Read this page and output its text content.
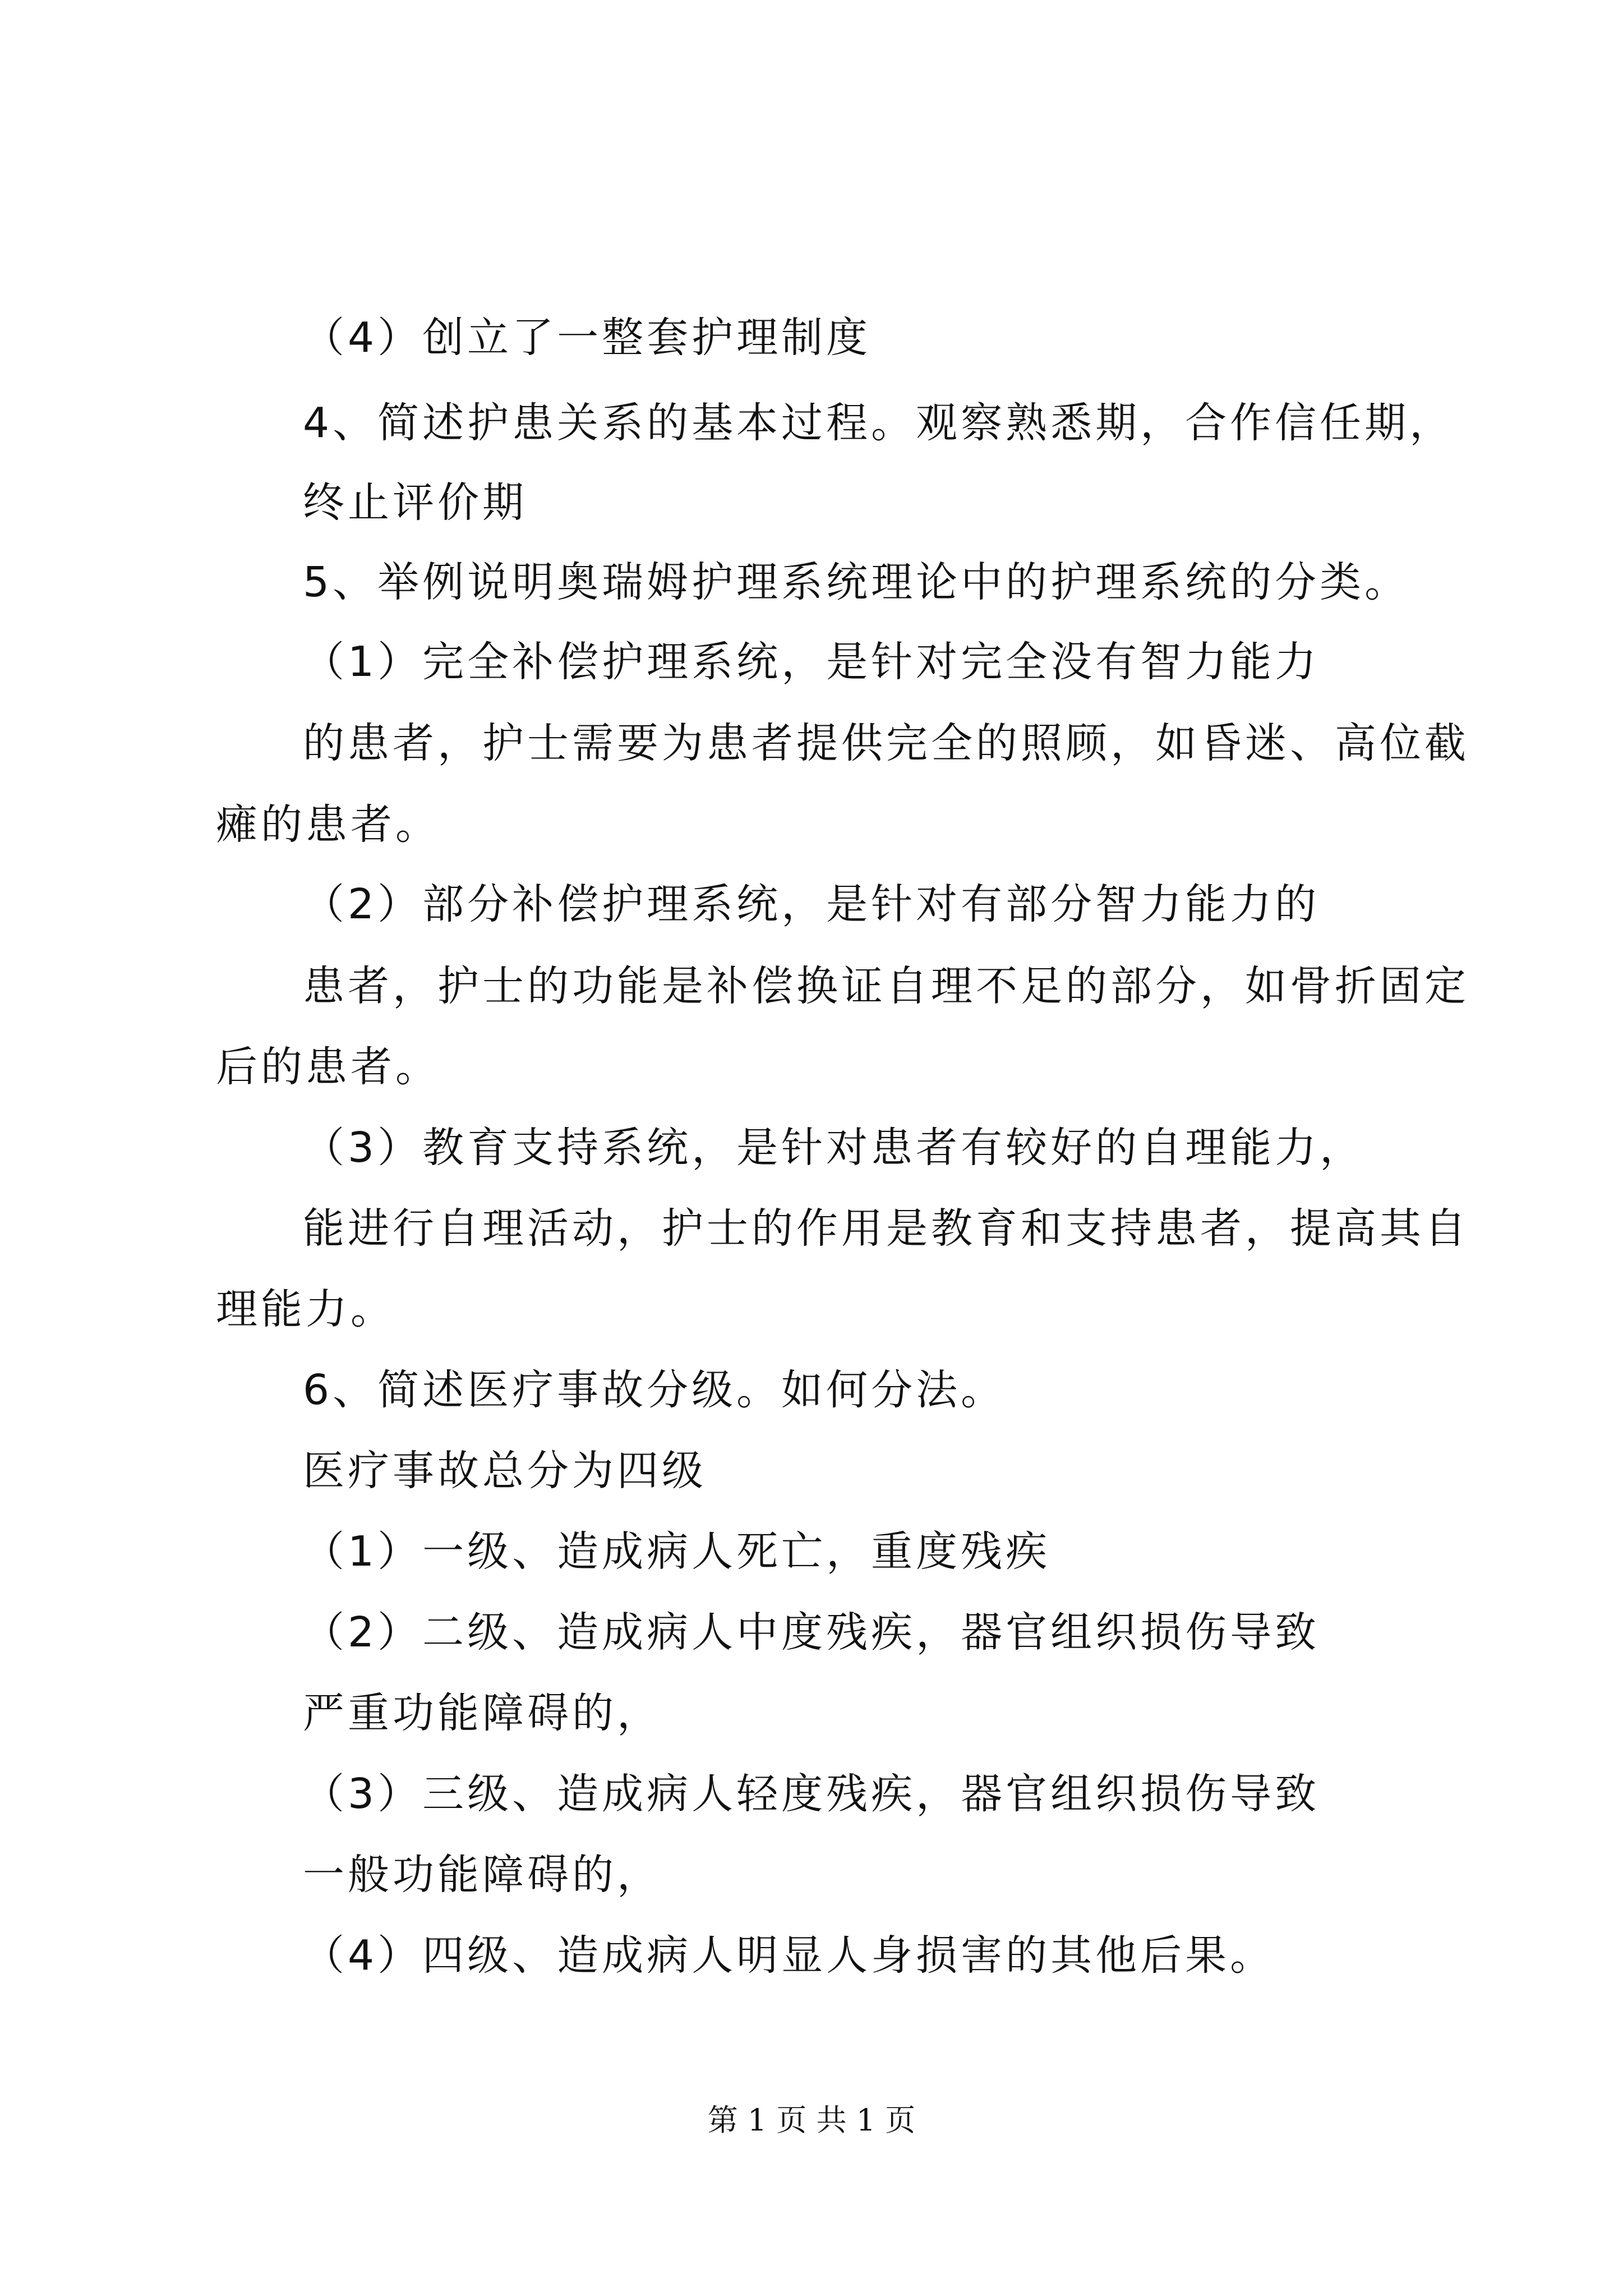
（4）创立了一整套护理制度
4、简述护患关系的基本过程。观察熟悉期，合作信任期，
终止评价期
5、举例说明奥瑞姆护理系统理论中的护理系统的分类。
（1）完全补偿护理系统，是针对完全没有智力能力
的患者，护士需要为患者提供完全的照顾，如昏迷、高位截
瘫的患者。
（2）部分补偿护理系统，是针对有部分智力能力的
患者，护士的功能是补偿换证自理不足的部分，如骨折固定
后的患者。
（3）教育支持系统，是针对患者有较好的自理能力，
能进行自理活动，护士的作用是教育和支持患者，提高其自
理能力。
6、简述医疗事故分级。如何分法。
医疗事故总分为四级
（1）一级、造成病人死亡，重度残疾
（2）二级、造成病人中度残疾，器官组织损伤导致
严重功能障碍的，
（3）三级、造成病人轻度残疾，器官组织损伤导致
一般功能障碍的，
（4）四级、造成病人明显人身损害的其他后果。
第 1 页 共 1 页
